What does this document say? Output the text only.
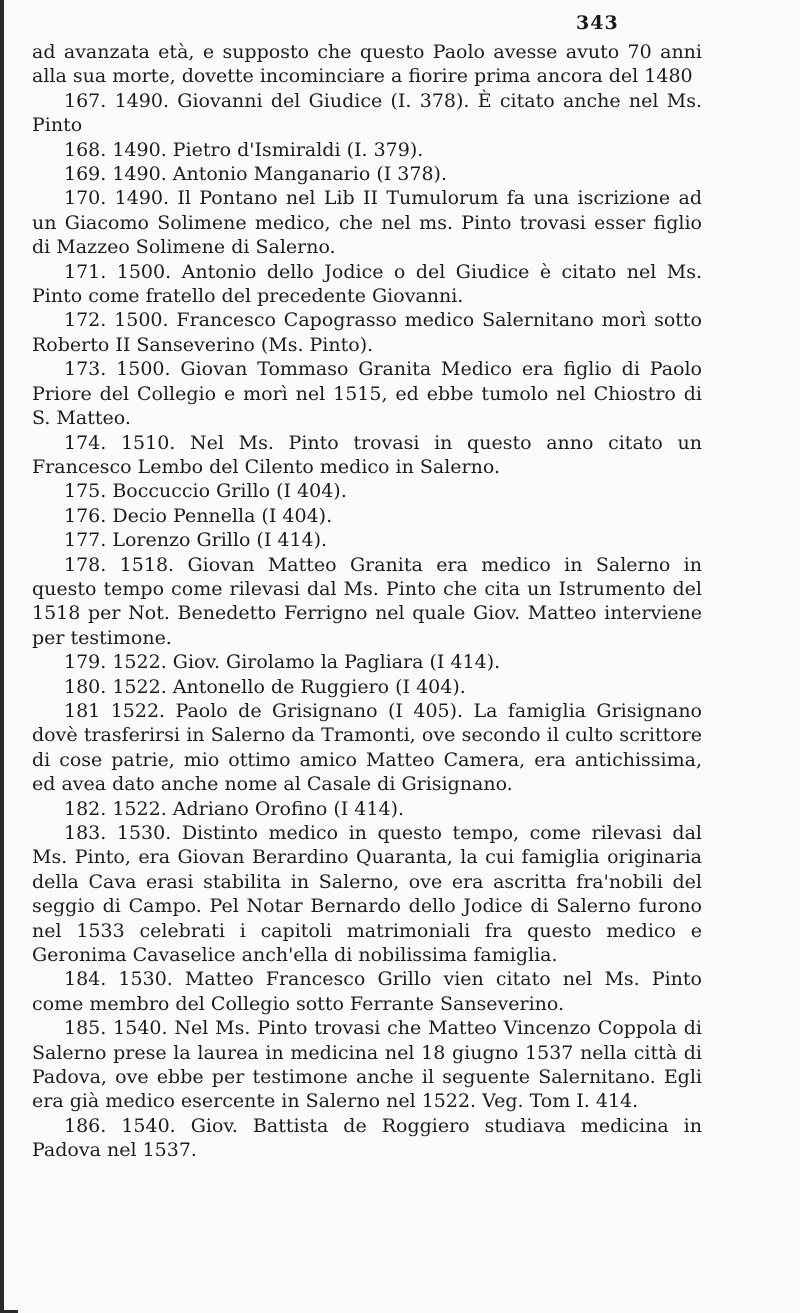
343

ad avanzata età, e supposto che questo Paolo avesse avuto 70 anni alla sua morte, dovette incominciare a fiorire prima ancora del 1480

167. 1490. Giovanni del Giudice (I. 378). È citato anche nel Ms. Pinto

168. 1490. Pietro d'Ismiraldi (I. 379).

169. 1490. Antonio Manganario (I 378).

170. 1490. Il Pontano nel Lib II Tumulorum fa una iscrizione ad un Giacomo Solimene medico, che nel ms. Pinto trovasi esser figlio di Mazzeo Solimene di Salerno.

171. 1500. Antonio dello Jodice o del Giudice è citato nel Ms. Pinto come fratello del precedente Giovanni.

172. 1500. Francesco Capograsso medico Salernitano morì sotto Roberto II Sanseverino (Ms. Pinto).

173. 1500. Giovan Tommaso Granita Medico era figlio di Paolo Priore del Collegio e morì nel 1515, ed ebbe tumolo nel Chiostro di S. Matteo.

174. 1510. Nel Ms. Pinto trovasi in questo anno citato un Francesco Lembo del Cilento medico in Salerno.

175. Boccuccio Grillo (I 404).

176. Decio Pennella (I 404).

177. Lorenzo Grillo (I 414).

178. 1518. Giovan Matteo Granita era medico in Salerno in questo tempo come rilevasi dal Ms. Pinto che cita un Istrumento del 1518 per Not. Benedetto Ferrigno nel quale Giov. Matteo interviene per testimone.

179. 1522. Giov. Girolamo la Pagliara (I 414).

180. 1522. Antonello de Ruggiero (I 404).

181 1522. Paolo de Grisignano (I 405). La famiglia Grisignano dovè trasferirsi in Salerno da Tramonti, ove secondo il culto scrittore di cose patrie, mio ottimo amico Matteo Camera, era antichissima, ed avea dato anche nome al Casale di Grisignano.

182. 1522. Adriano Orofino (I 414).

183. 1530. Distinto medico in questo tempo, come rilevasi dal Ms. Pinto, era Giovan Berardino Quaranta, la cui famiglia originaria della Cava erasi stabilita in Salerno, ove era ascritta fra'nobili del seggio di Campo. Pel Notar Bernardo dello Jodice di Salerno furono nel 1533 celebrati i capitoli matrimoniali fra questo medico e Geronima Cavaselice anch'ella di nobilissima famiglia.

184. 1530. Matteo Francesco Grillo vien citato nel Ms. Pinto come membro del Collegio sotto Ferrante Sanseverino.

185. 1540. Nel Ms. Pinto trovasi che Matteo Vincenzo Coppola di Salerno prese la laurea in medicina nel 18 giugno 1537 nella città di Padova, ove ebbe per testimone anche il seguente Salernitano. Egli era già medico esercente in Salerno nel 1522. Veg. Tom I. 414.

186. 1540. Giov. Battista de Roggiero studiava medicina in Padova nel 1537.
